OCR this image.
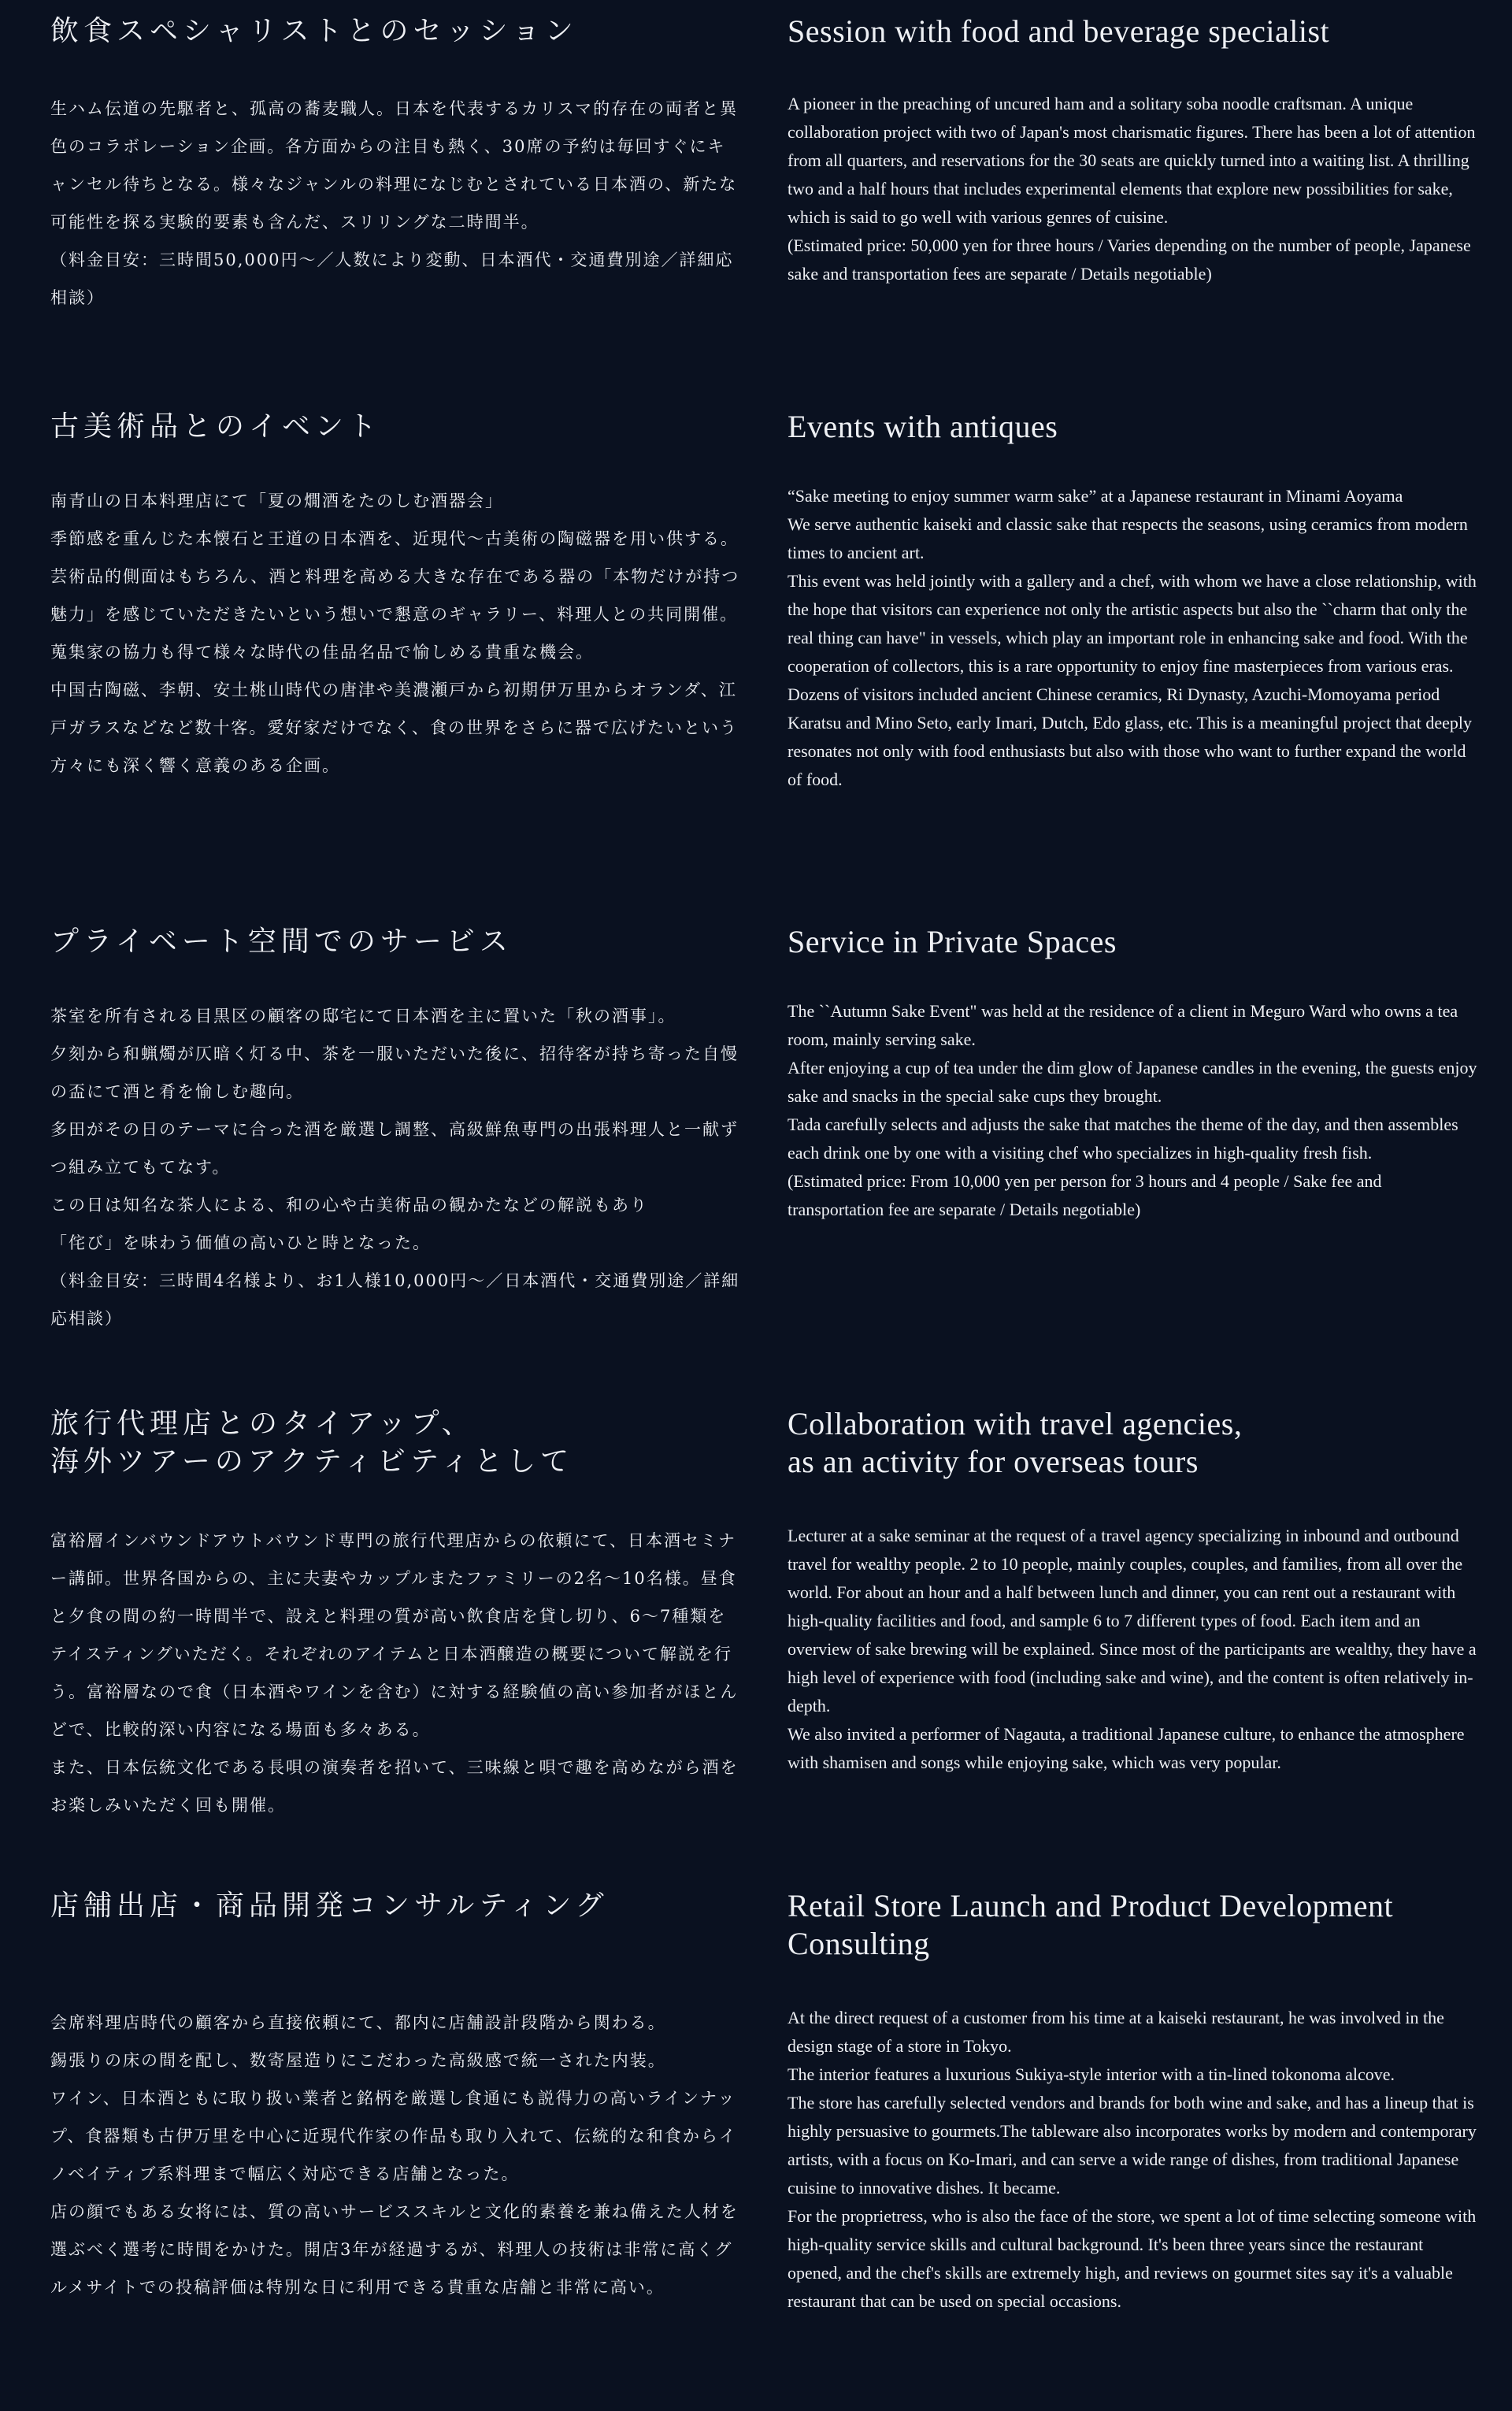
飲食スペシャリストとのセッション
生ハム伝道の先駆者と、孤高の蕎麦職人。日本を代表するカリスマ的存在の両者と異色のコラボレーション企画。各方面からの注目も熱く、30席の予約は毎回すぐにキャンセル待ちとなる。様々なジャンルの料理になじむとされている日本酒の、新たな可能性を探る実験的要素も含んだ、スリリングな二時間半。
（料金目安：三時間50,000円〜／人数により変動、日本酒代・交通費別途／詳細応相談）
Session with food and beverage specialist
A pioneer in the preaching of uncured ham and a solitary soba noodle craftsman. A unique collaboration project with two of Japan's most charismatic figures. There has been a lot of attention from all quarters, and reservations for the 30 seats are quickly turned into a waiting list. A thrilling two and a half hours that includes experimental elements that explore new possibilities for sake, which is said to go well with various genres of cuisine.
(Estimated price: 50,000 yen for three hours / Varies depending on the number of people, Japanese sake and transportation fees are separate / Details negotiable)
古美術品とのイベント
南青山の日本料理店にて「夏の燗酒をたのしむ酒器会」
季節感を重んじた本懐石と王道の日本酒を、近現代〜古美術の陶磁器を用い供する。
芸術品的側面はもちろん、酒と料理を高める大きな存在である器の「本物だけが持つ魅力」を感じていただきたいという想いで懇意のギャラリー、料理人との共同開催。蒐集家の協力も得て様々な時代の佳品名品で愉しめる貴重な機会。
中国古陶磁、李朝、安土桃山時代の唐津や美濃瀬戸から初期伊万里からオランダ、江戸ガラスなどなど数十客。愛好家だけでなく、食の世界をさらに器で広げたいという方々にも深く響く意義のある企画。
Events with antiques
“Sake meeting to enjoy summer warm sake” at a Japanese restaurant in Minami Aoyama
We serve authentic kaiseki and classic sake that respects the seasons, using ceramics from modern times to ancient art.
This event was held jointly with a gallery and a chef, with whom we have a close relationship, with the hope that visitors can experience not only the artistic aspects but also the ``charm that only the real thing can have" in vessels, which play an important role in enhancing sake and food. With the cooperation of collectors, this is a rare opportunity to enjoy fine masterpieces from various eras.
Dozens of visitors included ancient Chinese ceramics, Ri Dynasty, Azuchi-Momoyama period Karatsu and Mino Seto, early Imari, Dutch, Edo glass, etc. This is a meaningful project that deeply resonates not only with food enthusiasts but also with those who want to further expand the world of food.
プライベート空間でのサービス
茶室を所有される目黒区の顧客の邸宅にて日本酒を主に置いた「秋の酒事」。
夕刻から和蝋燭が仄暗く灯る中、茶を一服いただいた後に、招待客が持ち寄った自慢の盃にて酒と肴を愉しむ趣向。
多田がその日のテーマに合った酒を厳選し調整、高級鮮魚専門の出張料理人と一献ずつ組み立てもてなす。
この日は知名な茶人による、和の心や古美術品の観かたなどの解説もあり
「侘び」を味わう価値の高いひと時となった。
（料金目安：三時間4名様より、お1人様10,000円〜／日本酒代・交通費別途／詳細応相談）
Service in Private Spaces
The ``Autumn Sake Event" was held at the residence of a client in Meguro Ward who owns a tea room, mainly serving sake.
After enjoying a cup of tea under the dim glow of Japanese candles in the evening, the guests enjoy sake and snacks in the special sake cups they brought.
Tada carefully selects and adjusts the sake that matches the theme of the day, and then assembles each drink one by one with a visiting chef who specializes in high-quality fresh fish.
(Estimated price: From 10,000 yen per person for 3 hours and 4 people / Sake fee and transportation fee are separate / Details negotiable)
旅行代理店とのタイアップ、
海外ツアーのアクティビティとして
富裕層インバウンドアウトバウンド専門の旅行代理店からの依頼にて、日本酒セミナー講師。世界各国からの、主に夫妻やカップルまたファミリーの2名〜10名様。昼食と夕食の間の約一時間半で、設えと料理の質が高い飲食店を貸し切り、6〜7種類をテイスティングいただく。それぞれのアイテムと日本酒醸造の概要について解説を行う。富裕層なので食（日本酒やワインを含む）に対する経験値の高い参加者がほとんどで、比較的深い内容になる場面も多々ある。
また、日本伝統文化である長唄の演奏者を招いて、三味線と唄で趣を高めながら酒をお楽しみいただく回も開催。
Collaboration with travel agencies,
as an activity for overseas tours
Lecturer at a sake seminar at the request of a travel agency specializing in inbound and outbound travel for wealthy people. 2 to 10 people, mainly couples, couples, and families, from all over the world. For about an hour and a half between lunch and dinner, you can rent out a restaurant with high-quality facilities and food, and sample 6 to 7 different types of food. Each item and an overview of sake brewing will be explained. Since most of the participants are wealthy, they have a high level of experience with food (including sake and wine), and the content is often relatively in-depth.
We also invited a performer of Nagauta, a traditional Japanese culture, to enhance the atmosphere with shamisen and songs while enjoying sake, which was very popular.
店舗出店・商品開発コンサルティング
会席料理店時代の顧客から直接依頼にて、都内に店舗設計段階から関わる。
錫張りの床の間を配し、数寄屋造りにこだわった高級感で統一された内装。
ワイン、日本酒ともに取り扱い業者と銘柄を厳選し食通にも説得力の高いラインナップ、食器類も古伊万里を中心に近現代作家の作品も取り入れて、伝統的な和食からイノベイティブ系料理まで幅広く対応できる店舗となった。
店の顔でもある女将には、質の高いサービススキルと文化的素養を兼ね備えた人材を選ぶべく選考に時間をかけた。開店3年が経過するが、料理人の技術は非常に高くグルメサイトでの投稿評価は特別な日に利用できる貴重な店舗と非常に高い。
Retail Store Launch and Product Development Consulting
At the direct request of a customer from his time at a kaiseki restaurant, he was involved in the design stage of a store in Tokyo.
The interior features a luxurious Sukiya-style interior with a tin-lined tokonoma alcove.
The store has carefully selected vendors and brands for both wine and sake, and has a lineup that is highly persuasive to gourmets.The tableware also incorporates works by modern and contemporary artists, with a focus on Ko-Imari, and can serve a wide range of dishes, from traditional Japanese cuisine to innovative dishes. It became.
For the proprietress, who is also the face of the store, we spent a lot of time selecting someone with high-quality service skills and cultural background. It's been three years since the restaurant opened, and the chef's skills are extremely high, and reviews on gourmet sites say it's a valuable restaurant that can be used on special occasions.
